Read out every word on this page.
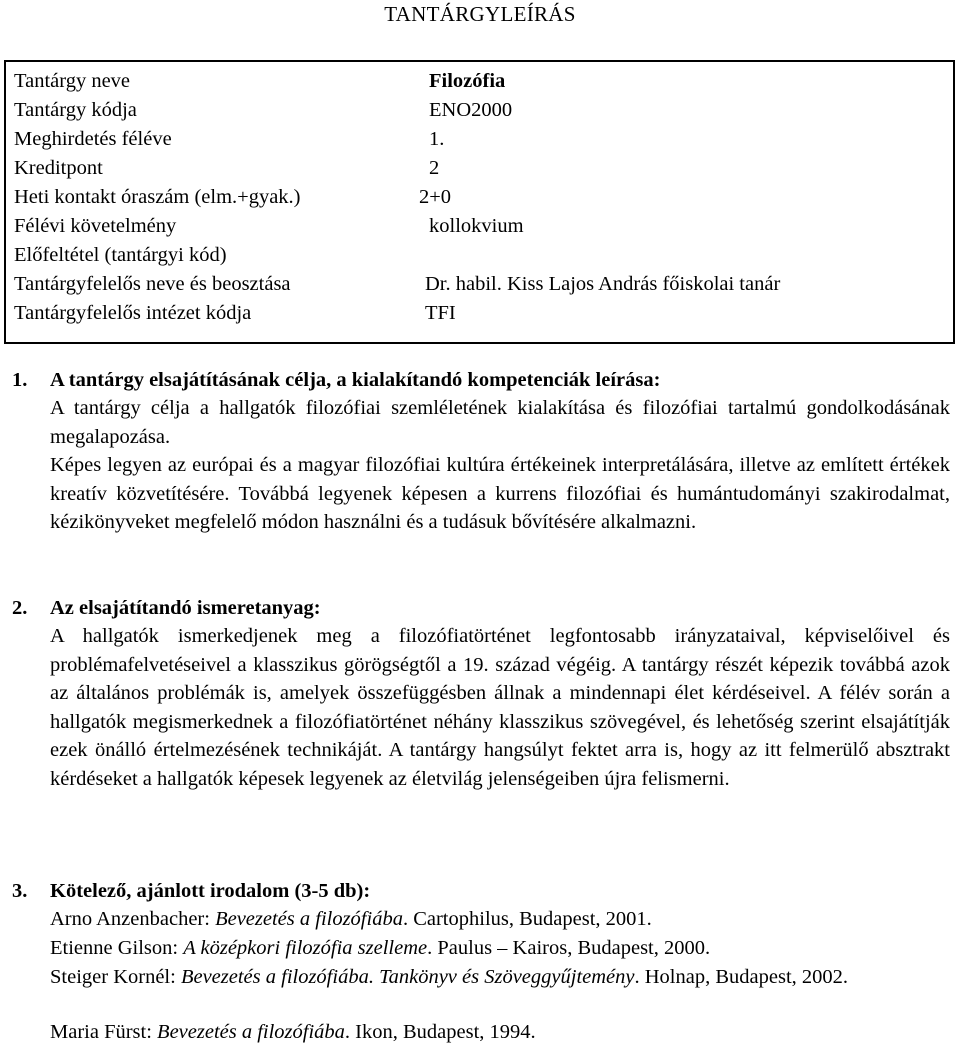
TANTÁRGYLEÍRÁS
Tantárgy neve	Filozófia
Tantárgy kódja	ENO2000
Meghirdetés féléve	1.
Kreditpont	2
Heti kontakt óraszám (elm.+gyak.)	2+0
Félévi követelmény	kollokvium
Előfeltétel (tantárgyi kód)
Tantárgyfelelős neve és beosztása	Dr. habil. Kiss Lajos András főiskolai tanár
Tantárgyfelelős intézet kódja	TFI
1. A tantárgy elsajátításának célja, a kialakítandó kompetenciák leírása:

A tantárgy célja a hallgatók filozófiai szemléletének kialakítása és filozófiai tartalmú gondolkodásának megalapozása.

Képes legyen az európai és a magyar filozófiai kultúra értékeinek interpretálására, illetve az említett értékek kreatív közvetítésére. Továbbá legyenek képesen a kurrens filozófiai és humántudományi szakirodalmat, kézikönyveket megfelelő módon használni és a tudásuk bővítésére alkalmazni.

2. Az elsajátítandó ismeretanyag:

A hallgatók ismerkedjenek meg a filozófiatörténet legfontosabb irányzataival, képviselőivel és problémafelvetéseivel a klasszikus görögségtől a 19. század végéig. A tantárgy részét képezik továbbá azok az általános problémák is, amelyek összefüggésben állnak a mindennapi élet kérdéseivel. A félév során a hallgatók megismerkednek a filozófiatörténet néhány klasszikus szövegével, és lehetőség szerint elsajátítják ezek önálló értelmezésének technikáját. A tantárgy hangsúlyt fektet arra is, hogy az itt felmerülő absztrakt kérdéseket a hallgatók képesek legyenek az életvilág jelenségeiben újra felismerni.

3. Kötelező, ajánlott irodalom (3-5 db):

Arno Anzenbacher: Bevezetés a filozófiába. Cartophilus, Budapest, 2001.

Etienne Gilson: A középkori filozófia szelleme. Paulus – Kairos, Budapest, 2000.

Steiger Kornél: Bevezetés a filozófiába. Tankönyv és Szöveggyűjtemény. Holnap, Budapest, 2002.

Maria Fürst: Bevezetés a filozófiába. Ikon, Budapest, 1994.
